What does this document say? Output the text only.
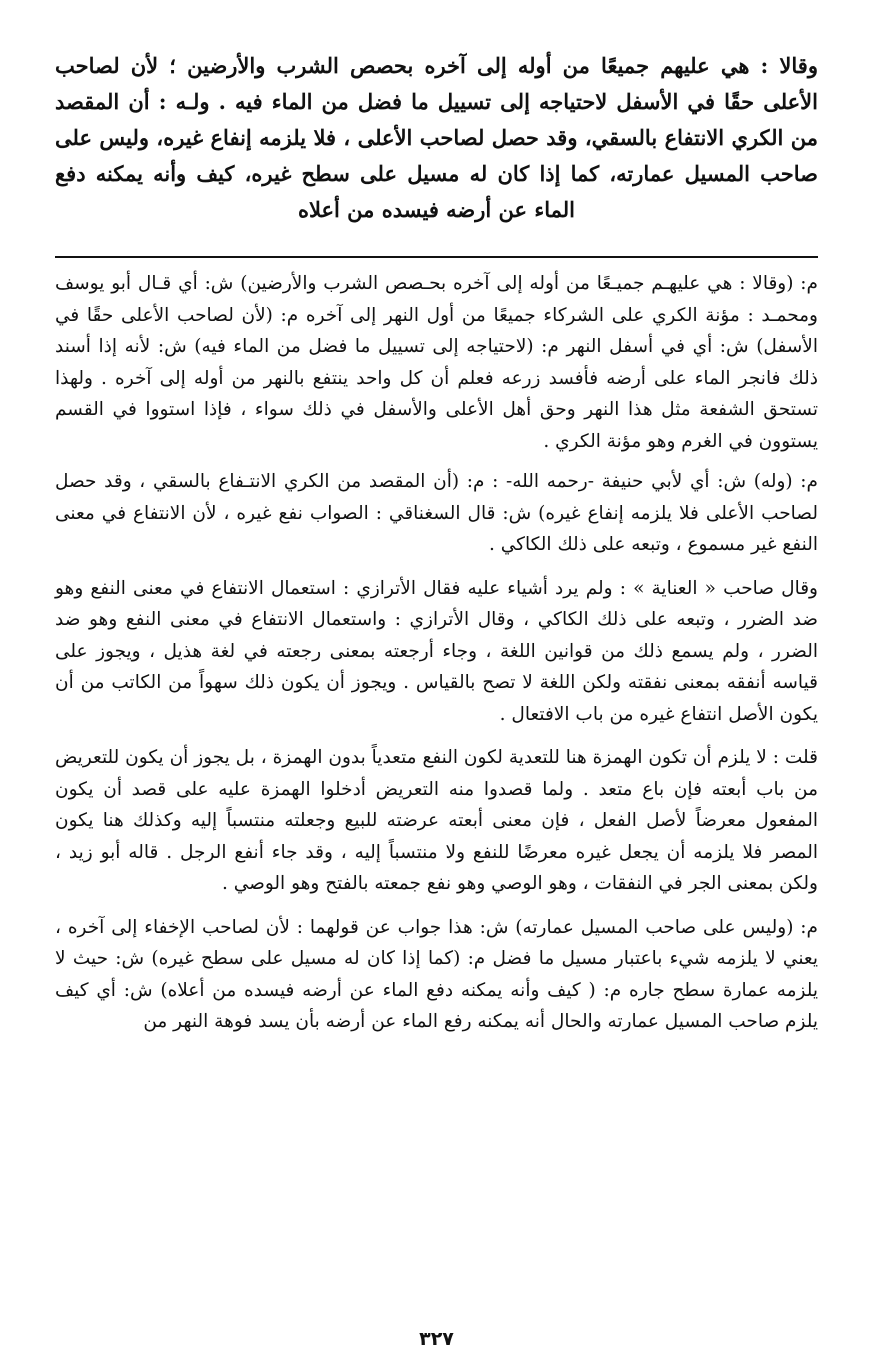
وقالا : هي عليهم جميعًا من أوله إلى آخره بحصص الشرب والأرضين ؛ لأن لصاحب الأعلى حقًا في الأسفل لاحتياجه إلى تسييل ما فضل من الماء فيه . ولـه : أن المقصد من الكري الانتفاع بالسقي، وقد حصل لصاحب الأعلى ، فلا يلزمه إنفاع غيره، وليس على صاحب المسيل عمارته، كما إذا كان له مسيل على سطح غيره، كيف وأنه يمكنه دفع الماء عن أرضه فيسده من أعلاه

م: (وقالا : هي عليهـم جميـعًا من أوله إلى آخره بحـصص الشرب والأرضين) ش: أي قـال أبو يوسف ومحمـد : مؤنة الكري على الشركاء جميعًا من أول النهر إلى آخره م: (لأن لصاحب الأعلى حقًا في الأسفل) ش: أي في أسفل النهر م: (لاحتياجه إلى تسييل ما فضل من الماء فيه) ش: لأنه إذا أسند ذلك فانجر الماء على أرضه فأفسد زرعه فعلم أن كل واحد ينتفع بالنهر من أوله إلى آخره . ولهذا تستحق الشفعة مثل هذا النهر وحق أهل الأعلى والأسفل في ذلك سواء ، فإذا استووا في القسم يستوون في الغرم وهو مؤنة الكري .

م: (وله) ش: أي لأبي حنيفة -رحمه الله- : م: (أن المقصد من الكري الانتـفاع بالسقي ، وقد حصل لصاحب الأعلى فلا يلزمه إنفاع غيره) ش: قال السغناقي : الصواب نفع غيره ، لأن الانتفاع في معنى النفع غير مسموع ، وتبعه على ذلك الكاكي .

وقال صاحب « العناية » : ولم يرد أشياء عليه فقال الأترازي : استعمال الانتفاع في معنى النفع وهو ضد الضرر ، وتبعه على ذلك الكاكي ، وقال الأترازي : واستعمال الانتفاع في معنى النفع وهو ضد الضرر ، ولم يسمع ذلك من قوانين اللغة ، وجاء أرجعته بمعنى رجعته في لغة هذيل ، ويجوز على قياسه أنفقه بمعنى نفقته ولكن اللغة لا تصح بالقياس . ويجوز أن يكون ذلك سهواً من الكاتب من أن يكون الأصل انتفاع غيره من باب الافتعال .

قلت : لا يلزم أن تكون الهمزة هنا للتعدية لكون النفع متعدياً بدون الهمزة ، بل يجوز أن يكون للتعريض من باب أبعته فإن باع متعد . ولما قصدوا منه التعريض أدخلوا الهمزة عليه على قصد أن يكون المفعول معرضاً لأصل الفعل ، فإن معنى أبعته عرضته للبيع وجعلته منتسباً إليه وكذلك هنا يكون المصر فلا يلزمه أن يجعل غيره معرضًا للنفع ولا منتسباً إليه ، وقد جاء أنفع الرجل . قاله أبو زيد ، ولكن بمعنى الجر في النفقات ، وهو الوصي وهو نفع جمعته بالفتح وهو الوصي .

م: (وليس على صاحب المسيل عمارته) ش: هذا جواب عن قولهما : لأن لصاحب الإخفاء إلى آخره ، يعني لا يلزمه شيء باعتبار مسيل ما فضل م: (كما إذا كان له مسيل على سطح غيره) ش: حيث لا يلزمه عمارة سطح جاره م: ( كيف وأنه يمكنه دفع الماء عن أرضه فيسده من أعلاه) ش: أي كيف يلزم صاحب المسيل عمارته والحال أنه يمكنه رفع الماء عن أرضه بأن يسد فوهة النهر من

٣٢٧
